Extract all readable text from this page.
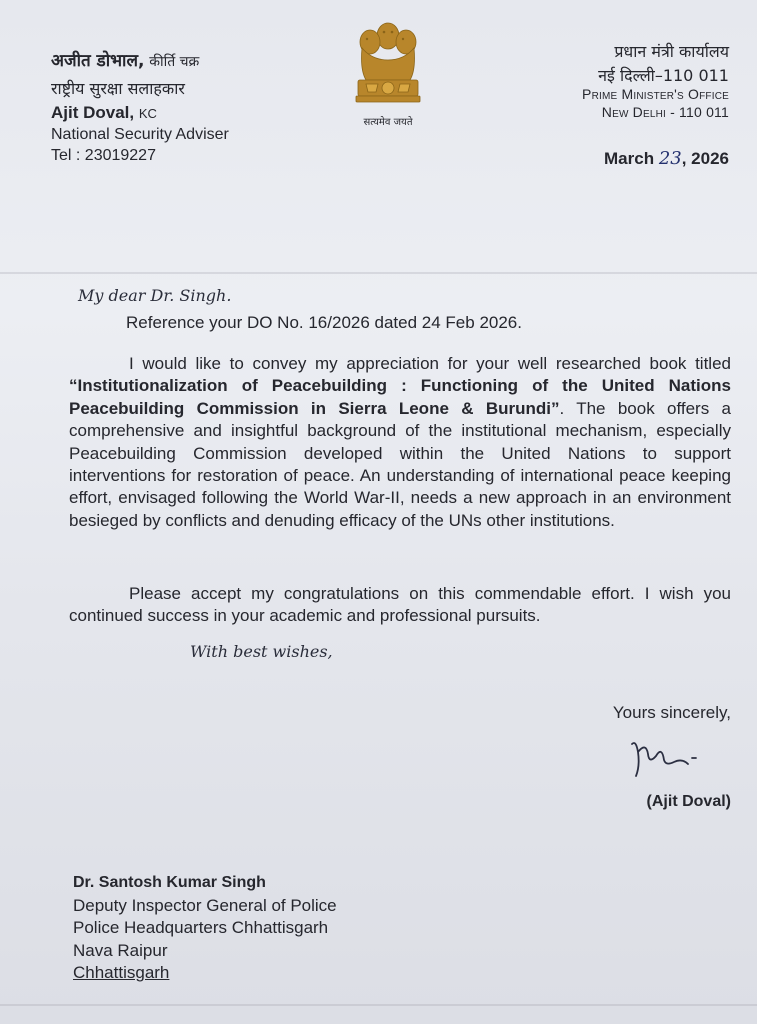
अजीत डोभाल, कीर्ति चक्र
राष्ट्रीय सुरक्षा सलाहकार
Ajit Doval, KC
National Security Adviser
Tel : 23019227
सत्यमेव जयते
प्रधान मंत्री कार्यालय
नई दिल्ली–110 011
Prime Minister's Office
New Delhi - 110 011
March 23, 2026
My dear Dr. Singh.
Reference your DO No. 16/2026 dated 24 Feb 2026.

I would like to convey my appreciation for your well researched book titled “Institutionalization of Peacebuilding : Functioning of the United Nations Peacebuilding Commission in Sierra Leone & Burundi”. The book offers a comprehensive and insightful background of the institutional mechanism, especially Peacebuilding Commission developed within the United Nations to support interventions for restoration of peace. An understanding of international peace keeping effort, envisaged following the World War-II, needs a new approach in an environment besieged by conflicts and denuding efficacy of the UNs other institutions.

Please accept my congratulations on this commendable effort. I wish you continued success in your academic and professional pursuits.

With best wishes,
Yours sincerely,
(Ajit Doval)
Dr. Santosh Kumar Singh
Deputy Inspector General of Police
Police Headquarters Chhattisgarh
Nava Raipur
Chhattisgarh
